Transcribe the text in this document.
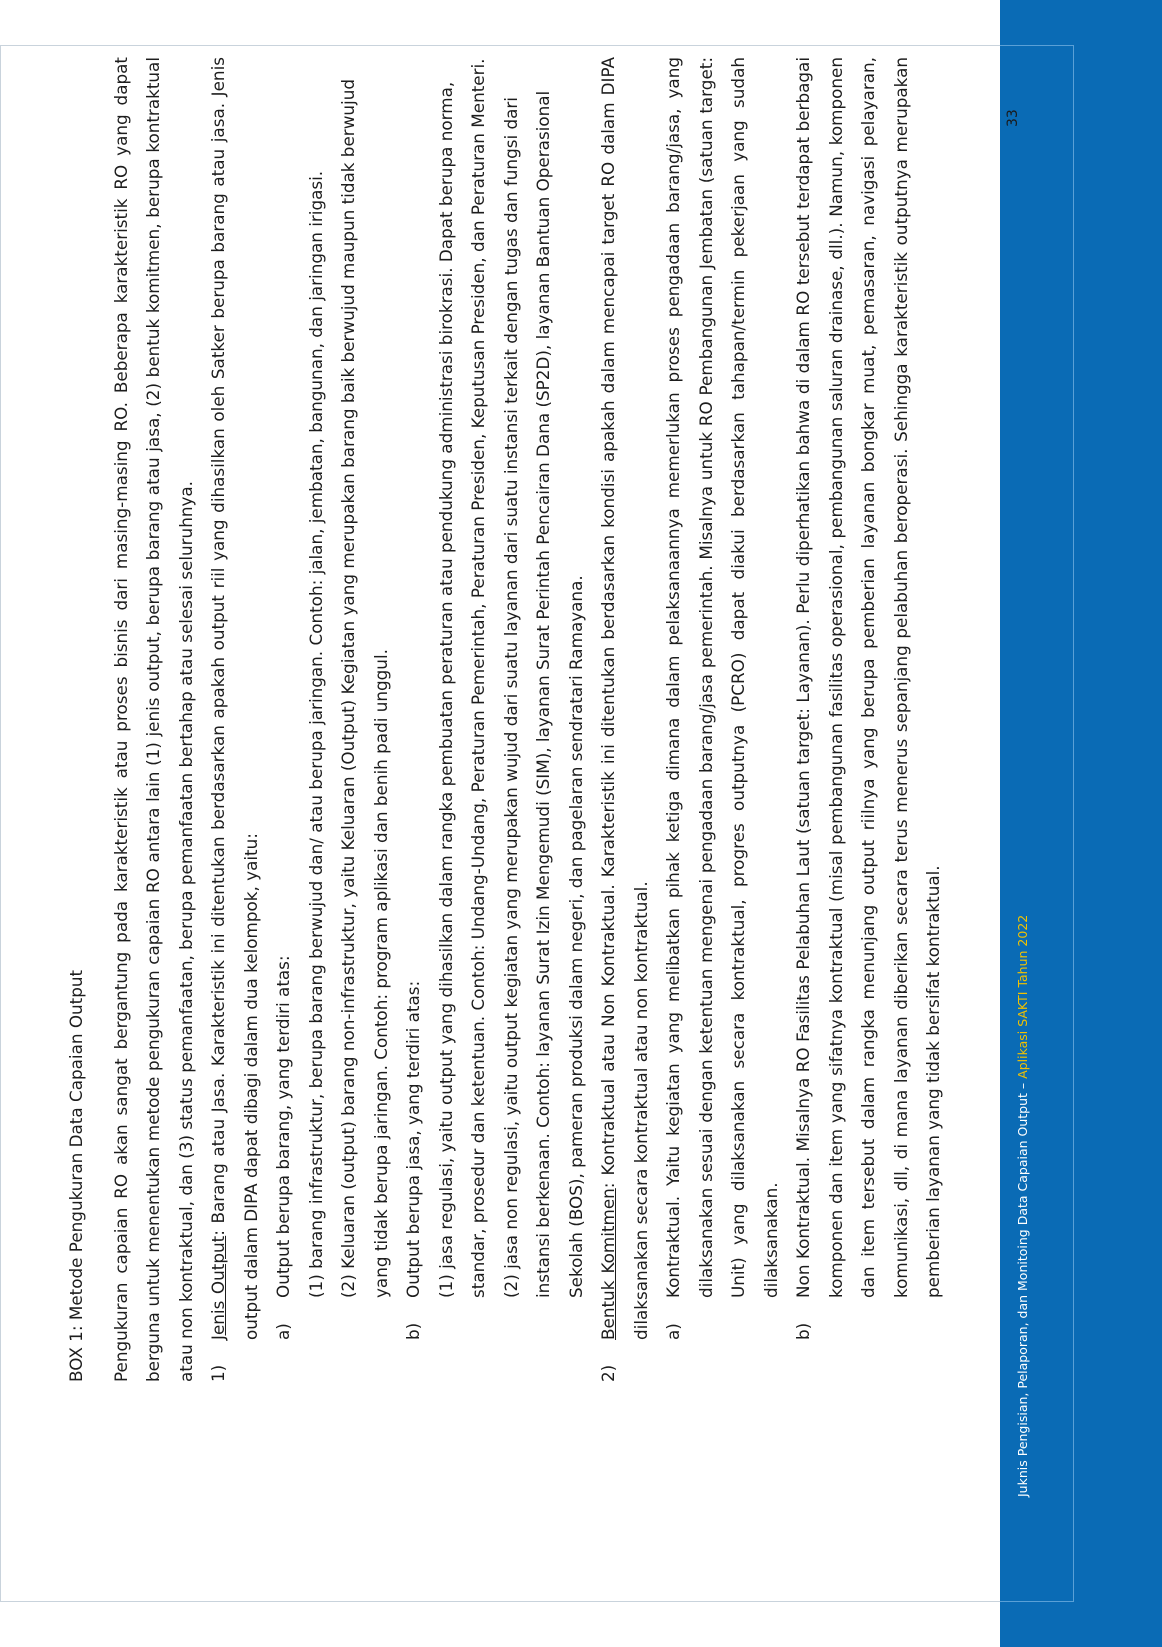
BOX 1: Metode Pengukuran Data Capaian Output	Pengukuran capaian RO akan sangat bergantung pada karakteristik atau proses bisnis dari masing-masing RO. Beberapa karakteristik RO yang dapat berguna untuk menentukan metode pengukuran capaian RO antara lain (1) jenis output, berupa barang atau jasa, (2) bentuk komitmen, berupa kontraktual atau non kontraktual, dan (3) status pemanfaatan, berupa pemanfaatan bertahap atau selesai seluruhnya. 1)

Jenis Output: Barang atau Jasa. Karakteristik ini ditentukan berdasarkan apakah output riil yang dihasilkan oleh Satker berupa barang atau jasa. Jenis output dalam DIPA dapat dibagi dalam dua kelompok, yaitu: a)

Output berupa barang, yang terdiri atas: (1) barang infrastruktur, berupa barang berwujud dan/ atau berupa jaringan. Contoh: jalan, jembatan, bangunan, dan jaringan irigasi. (2) Keluaran (output) barang non-infrastruktur, yaitu Keluaran (Output) Kegiatan yang merupakan barang baik berwujud maupun tidak berwujud yang tidak berupa jaringan. Contoh: program aplikasi dan benih padi unggul.

b)

Output berupa jasa, yang terdiri atas: (1) jasa regulasi, yaitu output yang dihasilkan dalam rangka pembuatan peraturan atau pendukung administrasi birokrasi. Dapat berupa norma, standar, prosedur dan ketentuan. Contoh: Undang-Undang, Peraturan Pemerintah, Peraturan Presiden, Keputusan Presiden, dan Peraturan Menteri. (2) jasa non regulasi, yaitu output kegiatan yang merupakan wujud dari suatu layanan dari suatu instansi terkait dengan tugas dan fungsi dari instansi berkenaan. Contoh: layanan Surat Izin Mengemudi (SIM), layanan Surat Perintah Pencairan Dana (SP2D), layanan Bantuan Operasional Sekolah (BOS), pameran produksi dalam negeri, dan pagelaran sendratari Ramayana.

2)

Bentuk Komitmen: Kontraktual atau Non Kontraktual. Karakteristik ini ditentukan berdasarkan kondisi apakah dalam mencapai target RO dalam DIPA dilaksanakan secara kontraktual atau non kontraktual. a)

Kontraktual. Yaitu kegiatan yang melibatkan pihak ketiga dimana dalam pelaksanaannya memerlukan proses pengadaan barang/jasa, yang dilaksanakan sesuai dengan ketentuan mengenai pengadaan barang/jasa pemerintah. Misalnya untuk RO Pembangunan Jembatan (satuan target: Unit) yang dilaksanakan secara kontraktual, progres outputnya (PCRO) dapat diakui berdasarkan tahapan/termin pekerjaan yang sudah dilaksanakan.

b)

Non Kontraktual. Misalnya RO Fasilitas Pelabuhan Laut (satuan target: Layanan). Perlu diperhatikan bahwa di dalam RO tersebut terdapat berbagai komponen dan item yang sifatnya kontraktual (misal pembangunan fasilitas operasional, pembangunan saluran drainase, dll.). Namun, komponen dan item tersebut dalam rangka menunjang output riilnya yang berupa pemberian layanan bongkar muat, pemasaran, navigasi pelayaran, komunikasi, dll, di mana layanan diberikan secara terus menerus sepanjang pelabuhan beroperasi. Sehingga karakteristik outputnya merupakan pemberian layanan yang tidak bersifat kontraktual.

33
Juknis Pengisian, Pelaporan, dan Monitoing Data Capaian Output – Aplikasi SAKTI Tahun 2022
